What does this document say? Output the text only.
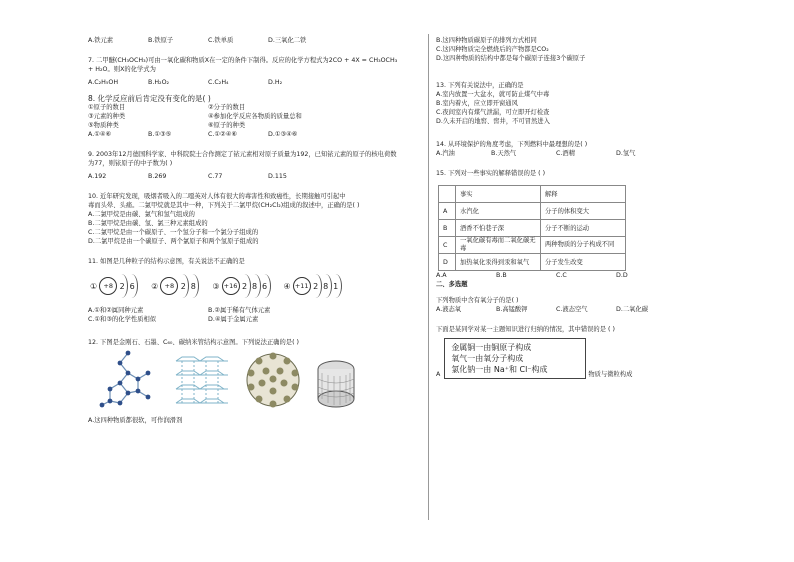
A.铁元素	B.铁原子	C.铁单质	D.三氧化二铁
7. 二甲醚(CH₃OCH₃)可由一氧化碳和物质X在一定的条件下制得。反应的化学方程式为2CO + 4X = CH₃OCH₃
+ H₂O。则X的化学式为
A.C₂H₅OH	B.H₂O₂	C.C₂H₄	D.H₂
8. 化学反应前后肯定没有变化的是( )
①原子的数目	②分子的数目
③元素的种类	④参加化学反应各物质的质量总和
⑤物质种类	⑥原子的种类
A.①④⑥	B.①③⑤	C.①②④⑥	D.①③④⑥
9. 2003年12月德国科学家、中科院院士合作测定了铱元素相对原子质量为192，已知铱元素的原子的核电荷数
为77，则铱原子的中子数为( )
A.192	B.269	C.77	D.115
10. 近年研究发现，吸烟者吸入的二噁英对人体有很大的毒害性和致癌性，长期接触可引起中
毒而头晕、头痛。二氯甲烷就是其中一种，下列关于二氯甲烷(CH₂Cl₂)组成的叙述中，正确的是( )
A.二氯甲烷是由碳、氯气和氢气组成的
B.二氯甲烷是由碳、氢、氯三种元素组成的
C.二氯甲烷是由一个碳原子、一个氢分子和一个氯分子组成的
D.二氯甲烷是由一个碳原子、两个氯原子和两个氢原子组成的
11. 如图是几种粒子的结构示意图，有关说法不正确的是
① +8 2 6	② +8 2 8	③ +16 2 8 6	④ +11 2 8 1
A.①和②属同种元素	B.②属于稀有气体元素
C.①和③的化学性质相似	D.④属于金属元素
12. 下图是金刚石、石墨、C₆₀、碳纳米管结构示意图。下列说法正确的是( )
A.这四种物质都很软，可作润滑剂
B.这四种物质碳原子的排列方式相同
C.这四种物质完全燃烧后的产物都是CO₂
D.这四种物质的结构中都是每个碳原子连接3个碳原子
13. 下列有关说法中，正确的是
A.室内放置一大盆水，就可防止煤气中毒
B.室内着火，应立即开窗通风
C.夜间室内有煤气泄漏，可立即开灯检查
D.久未开启的地窖、窖井，不可冒然进入
14. 从环境保护的角度考虑，下列燃料中最理想的是( )
A.汽油	B.天然气	C.酒精	D.氢气
15. 下列对一些事实的解释错误的是 ( )
	事实	解释
A	水汽化	分子的体积变大
B	酒香不怕巷子深	分子不断的运动
C	一氧化碳有毒而二氧化碳无毒	两种物质的分子构成不同
D	加热氧化汞得到汞和氧气	分子发生改变
A.A	B.B	C.C	D.D
二、多选题
下列物质中含有氧分子的是( )
A.液态氧	B.高锰酸钾	C.液态空气	D.二氧化碳
下面是某同学对某一主题知识进行归纳的情况，其中错误的是 ( )
A
金属铜一由铜原子构成
氧气一由氧分子构成
氯化钠一由 Na⁺和 Cl⁻构成
物质与微粒构成
